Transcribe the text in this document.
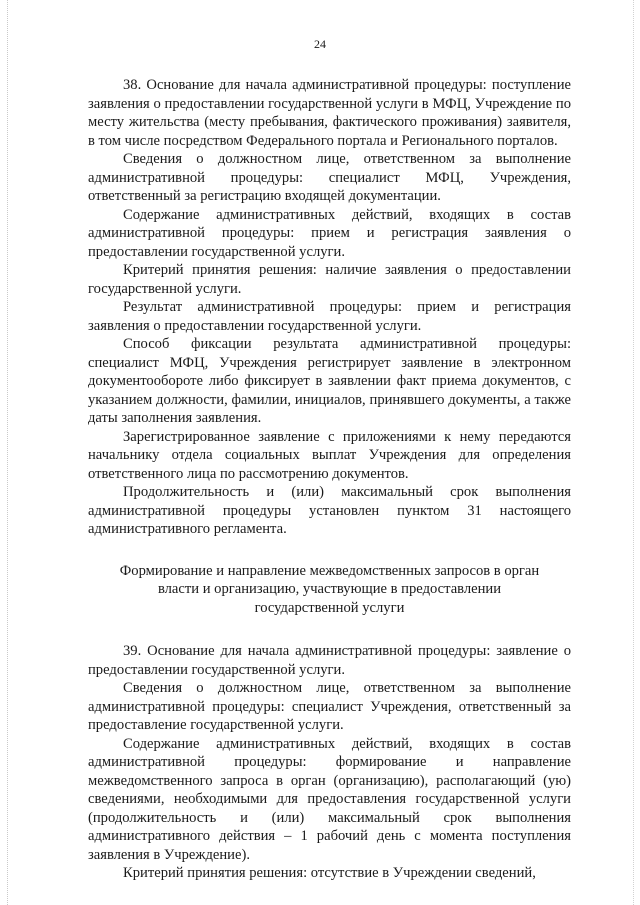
24

38. Основание для начала административной процедуры: поступление заявления о предоставлении государственной услуги в МФЦ, Учреждение по месту жительства (месту пребывания, фактического проживания) заявителя, в том числе посредством Федерального портала и Регионального порталов.

Сведения о должностном лице, ответственном за выполнение административной процедуры: специалист МФЦ, Учреждения, ответственный за регистрацию входящей документации.

Содержание административных действий, входящих в состав административной процедуры: прием и регистрация заявления о предоставлении государственной услуги.

Критерий принятия решения: наличие заявления о предоставлении государственной услуги.

Результат административной процедуры: прием и регистрация заявления о предоставлении государственной услуги.

Способ фиксации результата административной процедуры: специалист МФЦ, Учреждения регистрирует заявление в электронном документообороте либо фиксирует в заявлении факт приема документов, с указанием должности, фамилии, инициалов, принявшего документы, а также даты заполнения заявления.

Зарегистрированное заявление с приложениями к нему передаются начальнику отдела социальных выплат Учреждения для определения ответственного лица по рассмотрению документов.

Продолжительность и (или) максимальный срок выполнения административной процедуры установлен пунктом 31 настоящего административного регламента.

Формирование и направление межведомственных запросов в орган
власти и организацию, участвующие в предоставлении
государственной услуги

39. Основание для начала административной процедуры: заявление о предоставлении государственной услуги.

Сведения о должностном лице, ответственном за выполнение административной процедуры: специалист Учреждения, ответственный за предоставление государственной услуги.

Содержание административных действий, входящих в состав административной процедуры: формирование и направление межведомственного запроса в орган (организацию), располагающий (ую) сведениями, необходимыми для предоставления государственной услуги (продолжительность и (или) максимальный срок выполнения административного действия – 1 рабочий день с момента поступления заявления в Учреждение).

Критерий принятия решения: отсутствие в Учреждении сведений,
